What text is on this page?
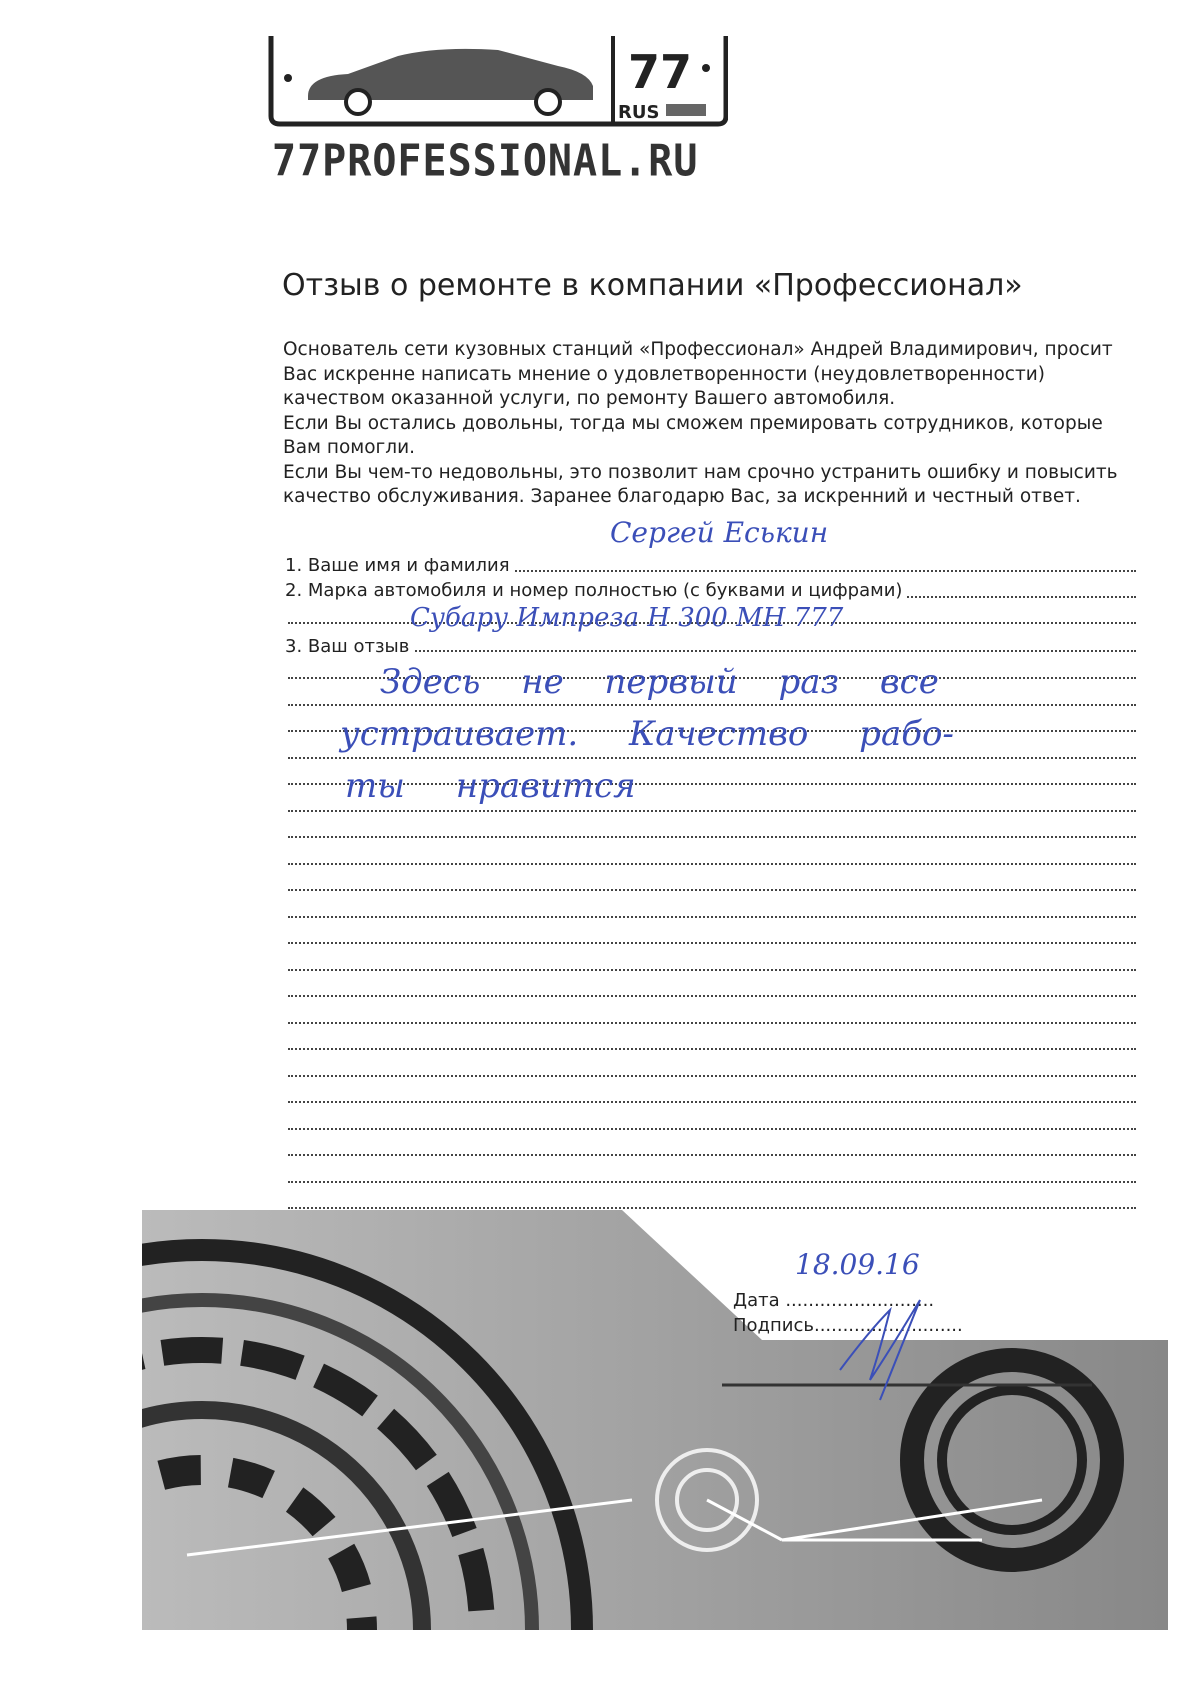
77
RUS
77PROFESSIONAL.RU
Отзыв о ремонте в компании «Профессионал»

Основатель сети кузовных станций «Профессионал» Андрей Владимирович, просит Вас искренне написать мнение о удовлетворенности (неудовлетворенности) качеством оказанной услуги, по ремонту Вашего автомобиля.

Если Вы остались довольны, тогда мы сможем премировать сотрудников, которые Вам помогли.

Если Вы чем-то недовольны, это позволит нам срочно устранить ошибку и повысить качество обслуживания. Заранее благодарю Вас, за искренний и честный ответ.

1. Ваше имя и фамилия
2. Марка автомобиля и номер полностью (с буквами и цифрами)
3. Ваш отзыв
Сергей Еськин
Субару Импреза Н 300 МН 777
Здесь не первый раз все
устраивает. Качество рабо-
ты нравится
Дата ..........................
Подпись..........................
18.09.16
